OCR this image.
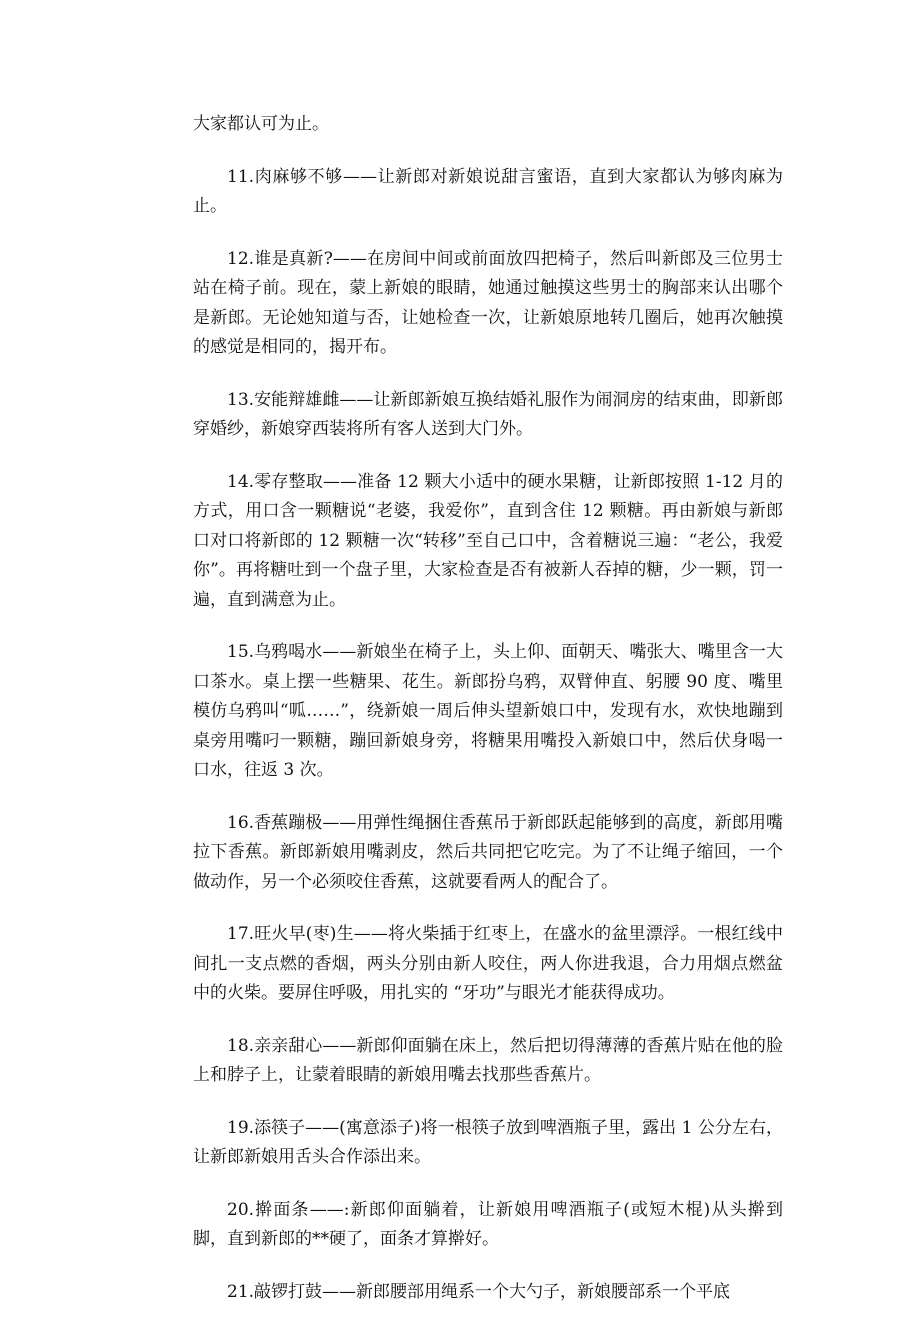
大家都认可为止。

11.肉麻够不够——让新郎对新娘说甜言蜜语，直到大家都认为够肉麻为止。

12.谁是真新?——在房间中间或前面放四把椅子，然后叫新郎及三位男士站在椅子前。现在，蒙上新娘的眼睛，她通过触摸这些男士的胸部来认出哪个是新郎。无论她知道与否，让她检查一次，让新娘原地转几圈后，她再次触摸的感觉是相同的，揭开布。

13.安能辩雄雌——让新郎新娘互换结婚礼服作为闹洞房的结束曲，即新郎穿婚纱，新娘穿西装将所有客人送到大门外。

14.零存整取——准备 12 颗大小适中的硬水果糖，让新郎按照 1-12 月的方式，用口含一颗糖说“老婆，我爱你”，直到含住 12 颗糖。再由新娘与新郎口对口将新郎的 12 颗糖一次“转移”至自己口中，含着糖说三遍：“老公，我爱你”。再将糖吐到一个盘子里，大家检查是否有被新人吞掉的糖，少一颗，罚一遍，直到满意为止。

15.乌鸦喝水——新娘坐在椅子上，头上仰、面朝天、嘴张大、嘴里含一大口茶水。桌上摆一些糖果、花生。新郎扮乌鸦，双臂伸直、躬腰 90 度、嘴里模仿乌鸦叫“呱……”，绕新娘一周后伸头望新娘口中，发现有水，欢快地蹦到桌旁用嘴叼一颗糖，蹦回新娘身旁，将糖果用嘴投入新娘口中，然后伏身喝一口水，往返 3 次。

16.香蕉蹦极——用弹性绳捆住香蕉吊于新郎跃起能够到的高度，新郎用嘴拉下香蕉。新郎新娘用嘴剥皮，然后共同把它吃完。为了不让绳子缩回，一个做动作，另一个必须咬住香蕉，这就要看两人的配合了。

17.旺火早(枣)生——将火柴插于红枣上，在盛水的盆里漂浮。一根红线中间扎一支点燃的香烟，两头分别由新人咬住，两人你进我退，合力用烟点燃盆中的火柴。要屏住呼吸，用扎实的 “牙功”与眼光才能获得成功。

18.亲亲甜心——新郎仰面躺在床上，然后把切得薄薄的香蕉片贴在他的脸上和脖子上，让蒙着眼睛的新娘用嘴去找那些香蕉片。

19.添筷子——(寓意添子)将一根筷子放到啤酒瓶子里，露出 1 公分左右，让新郎新娘用舌头合作添出来。

20.擀面条——:新郎仰面躺着，让新娘用啤酒瓶子(或短木棍)从头擀到脚，直到新郎的**硬了，面条才算擀好。

21.敲锣打鼓——新郎腰部用绳系一个大勺子，新娘腰部系一个平底
